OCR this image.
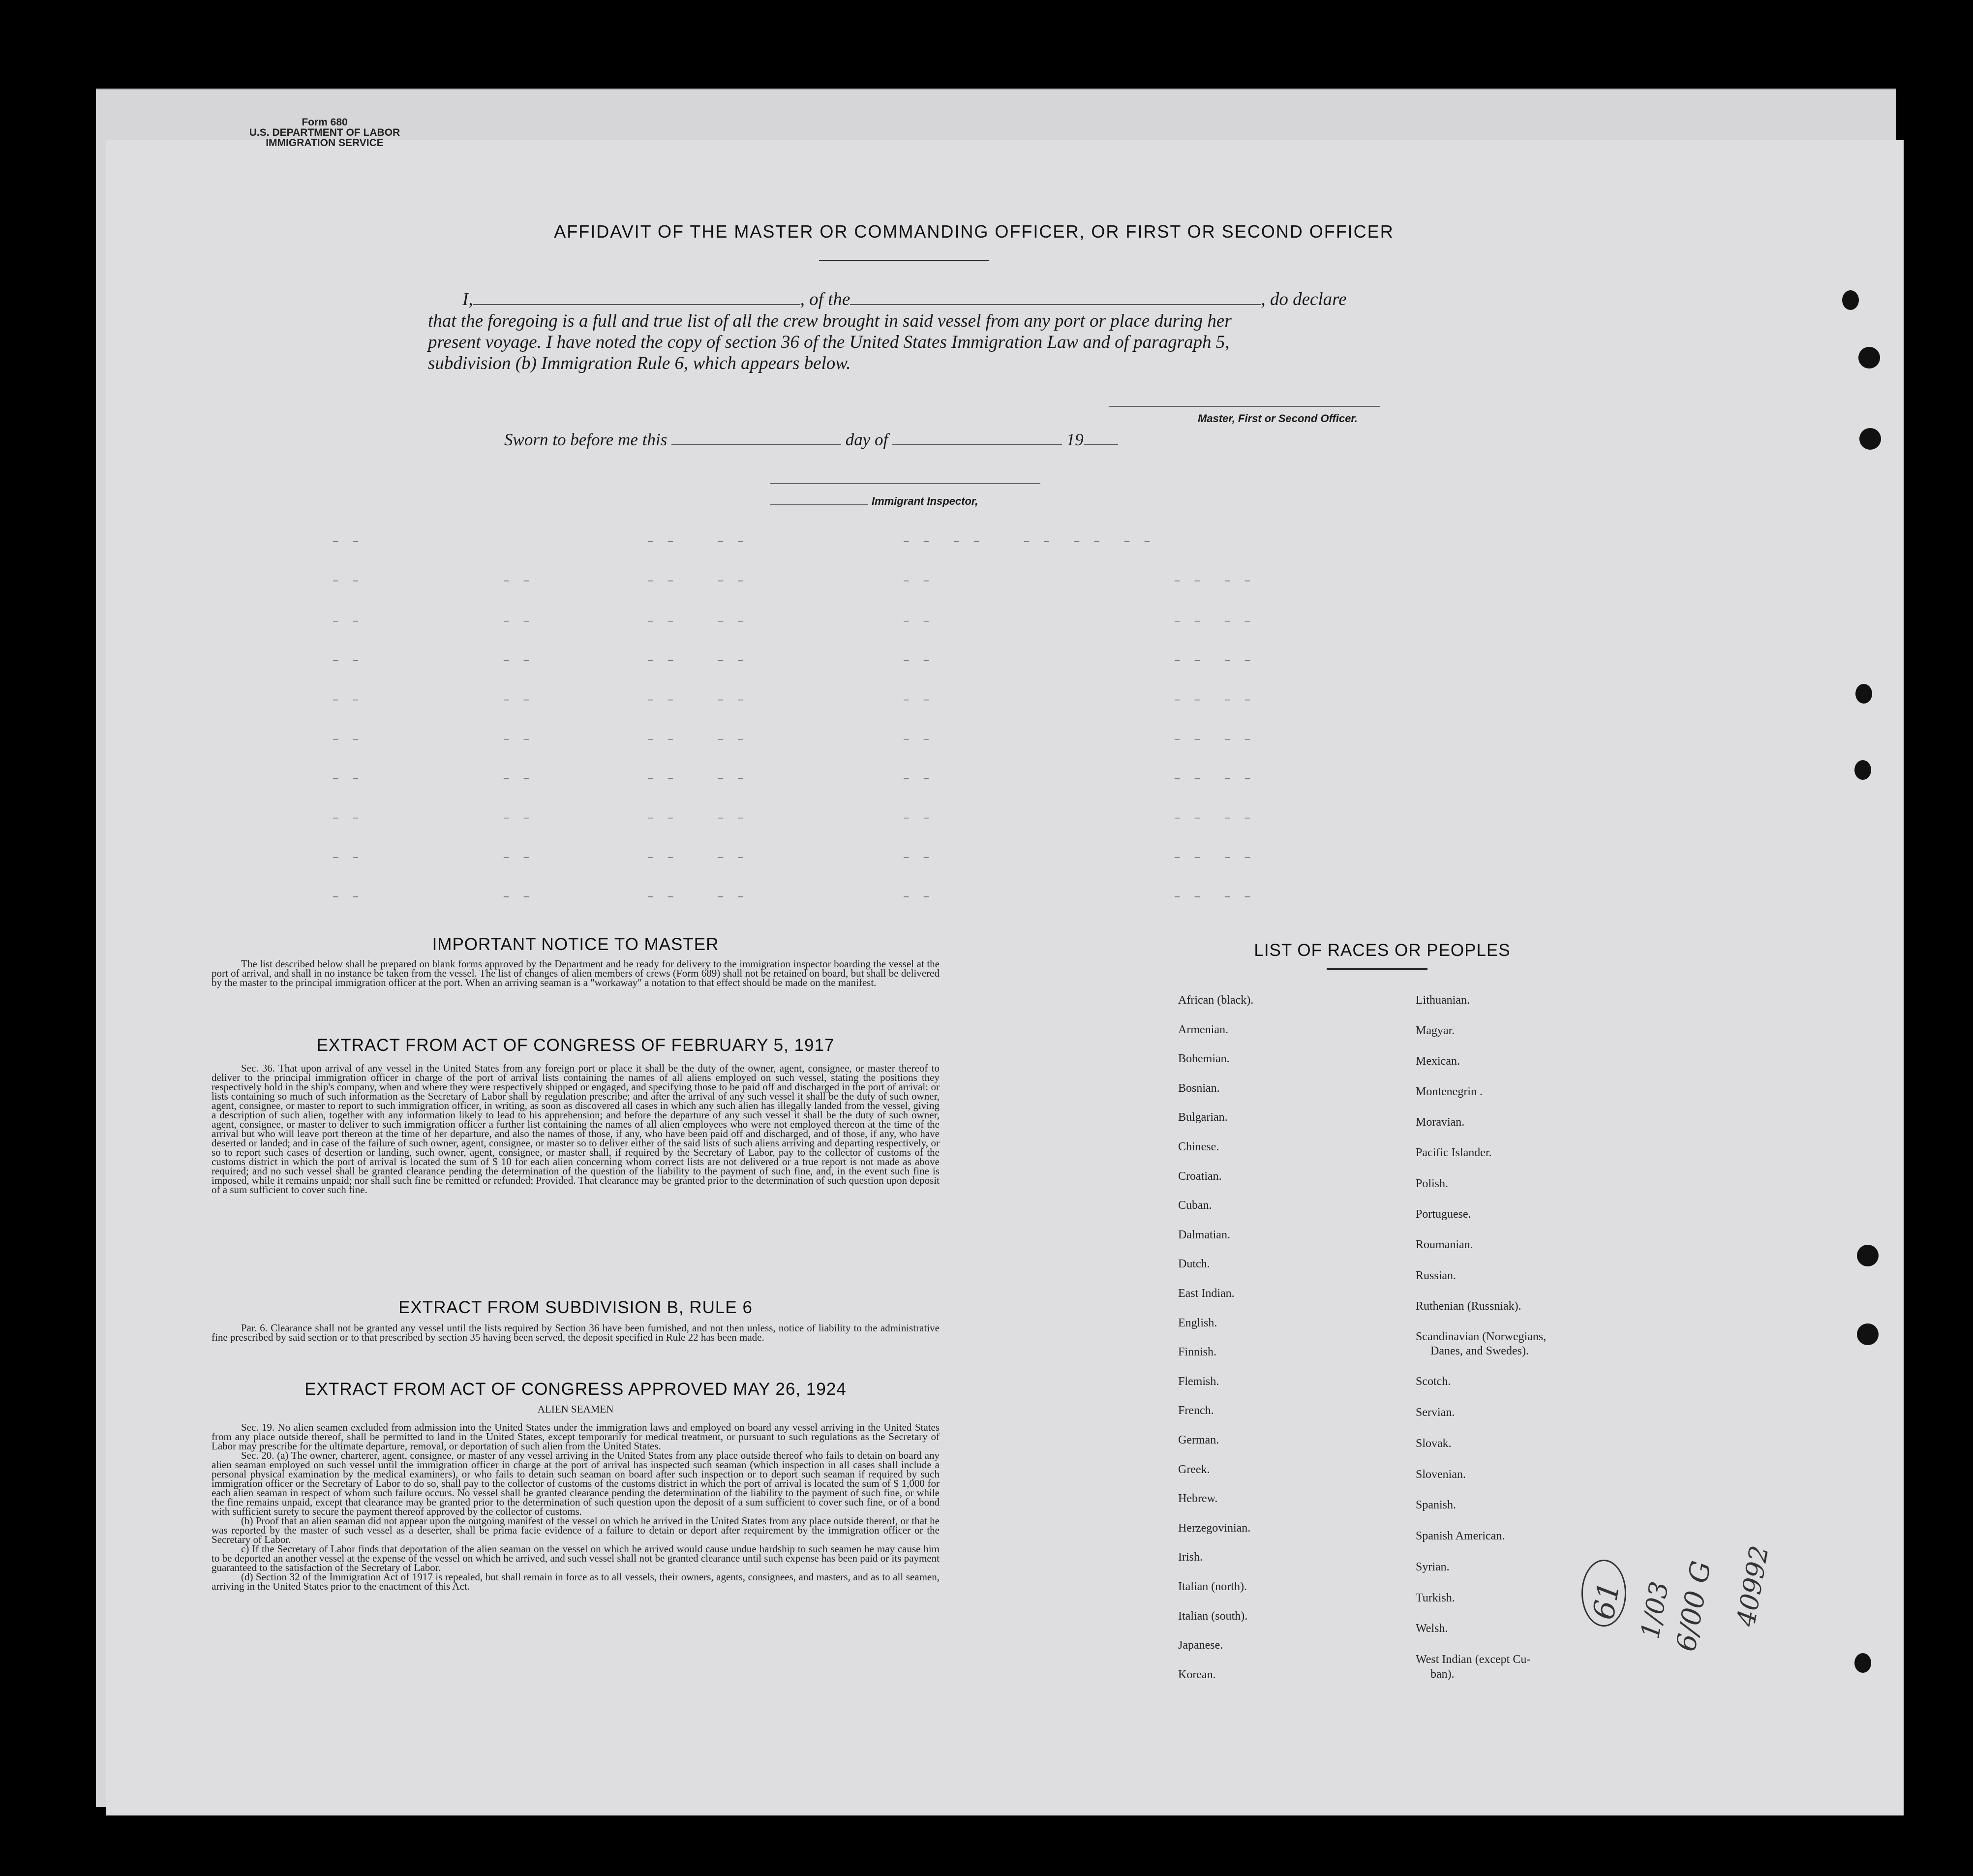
Form 680
U.S. DEPARTMENT OF LABOR
AFFIDAVIT OF THE MASTER OR COMMANDING OFFICER, OR FIRST OR SECOND OFFICER
I,	, of the	, do declare
that the foregoing is a full and true list of all the crew brought in said vessel from any port or place during her
present voyage. I have noted the copy of section 36 of the United States Immigration Law and of paragraph 5,
subdivision (b) Immigration Rule 6, which appears below.
Master, First or Second Officer.
Sworn to before me this	day of	19
Immigrant Inspector,
– –	– –    – –	– –  – –    – –  – –  – –
– –              – –	– –    – –	– –                        – –  – –
– –              – –	– –    – –	– –                        – –  – –
– –              – –	– –    – –	– –                        – –  – –
– –              – –	– –    – –	– –                        – –  – –
– –              – –	– –    – –	– –                        – –  – –
– –              – –	– –    – –	– –                        – –  – –
– –              – –	– –    – –	– –                        – –  – –
– –              – –	– –    – –	– –                        – –  – –
– –              – –	– –    – –	– –                        – –  – –
IMPORTANT NOTICE TO MASTER

The list described below shall be prepared on blank forms approved by the Department and be ready for delivery to the immigration inspector boarding the vessel at the port of arrival, and shall in no instance be taken from the vessel. The list of changes of alien members of crews (Form 689) shall not be retained on board, but shall be delivered by the master to the principal immigration officer at the port. When an arriving seaman is a "workaway" a notation to that effect should be made on the manifest.

EXTRACT FROM ACT OF CONGRESS OF FEBRUARY 5, 1917

Sec. 36. That upon arrival of any vessel in the United States from any foreign port or place it shall be the duty of the owner, agent, consignee, or master thereof to deliver to the principal immigration officer in charge of the port of arrival lists containing the names of all aliens employed on such vessel, stating the positions they respectively hold in the ship's company, when and where they were respectively shipped or engaged, and specifying those to be paid off and discharged in the port of arrival: or lists containing so much of such information as the Secretary of Labor shall by regulation prescribe; and after the arrival of any such vessel it shall be the duty of such owner, agent, consignee, or master to report to such immigration officer, in writing, as soon as discovered all cases in which any such alien has illegally landed from the vessel, giving a description of such alien, together with any information likely to lead to his apprehension; and before the departure of any such vessel it shall be the duty of such owner, agent, consignee, or master to deliver to such immigration officer a further list containing the names of all alien employees who were not employed thereon at the time of the arrival but who will leave port thereon at the time of her departure, and also the names of those, if any, who have been paid off and discharged, and of those, if any, who have deserted or landed; and in case of the failure of such owner, agent, consignee, or master so to deliver either of the said lists of such aliens arriving and departing respectively, or so to report such cases of desertion or landing, such owner, agent, consignee, or master shall, if required by the Secretary of Labor, pay to the collector of customs of the customs district in which the port of arrival is located the sum of $ 10 for each alien concerning whom correct lists are not delivered or a true report is not made as above required; and no such vessel shall be granted clearance pending the determination of the question of the liability to the payment of such fine, and, in the event such fine is imposed, while it remains unpaid; nor shall such fine be remitted or refunded; Provided. That clearance may be granted prior to the determination of such question upon deposit of a sum sufficient to cover such fine.

EXTRACT FROM SUBDIVISION B, RULE 6

Par. 6. Clearance shall not be granted any vessel until the lists required by Section 36 have been furnished, and not then unless, notice of liability to the administrative fine prescribed by said section or to that prescribed by section 35 having been served, the deposit specified in Rule 22 has been made.

EXTRACT FROM ACT OF CONGRESS APPROVED MAY 26, 1924
ALIEN SEAMEN

Sec. 19. No alien seamen excluded from admission into the United States under the immigration laws and employed on board any vessel arriving in the United States from any place outside thereof, shall be permitted to land in the United States, except temporarily for medical treatment, or pursuant to such regulations as the Secretary of Labor may prescribe for the ultimate departure, removal, or deportation of such alien from the United States.

Sec. 20. (a) The owner, charterer, agent, consignee, or master of any vessel arriving in the United States from any place outside thereof who fails to detain on board any alien seaman employed on such vessel until the immigration officer in charge at the port of arrival has inspected such seaman (which inspection in all cases shall include a personal physical examination by the medical examiners), or who fails to detain such seaman on board after such inspection or to deport such seaman if required by such immigration officer or the Secretary of Labor to do so, shall pay to the collector of customs of the customs district in which the port of arrival is located the sum of $ 1,000 for each alien seaman in respect of whom such failure occurs. No vessel shall be granted clearance pending the determination of the liability to the payment of such fine, or while the fine remains unpaid, except that clearance may be granted prior to the determination of such question upon the deposit of a sum sufficient to cover such fine, or of a bond with sufficient surety to secure the payment thereof approved by the collector of customs.

(b) Proof that an alien seaman did not appear upon the outgoing manifest of the vessel on which he arrived in the United States from any place outside thereof, or that he was reported by the master of such vessel as a deserter, shall be prima facie evidence of a failure to detain or deport after requirement by the immigration officer or the Secretary of Labor.

c) If the Secretary of Labor finds that deportation of the alien seaman on the vessel on which he arrived would cause undue hardship to such seamen he may cause him to be deported an another vessel at the expense of the vessel on which he arrived, and such vessel shall not be granted clearance until such expense has been paid or its payment guaranteed to the satisfaction of the Secretary of Labor.

(d) Section 32 of the Immigration Act of 1917 is repealed, but shall remain in force as to all vessels, their owners, agents, consignees, and masters, and as to all seamen, arriving in the United States prior to the enactment of this Act.

LIST OF RACES OR PEOPLES
African (black).
Armenian.
Bohemian.
Bosnian.
Bulgarian.
Chinese.
Croatian.
Cuban.
Dalmatian.
Dutch.
East Indian.
English.
Finnish.
Flemish.
French.
German.
Greek.
Hebrew.
Herzegovinian.
Irish.
Italian (north).
Italian (south).
Japanese.
Korean.
Lithuanian.
Magyar.
Mexican.
Montenegrin .
Moravian.
Pacific Islander.
Polish.
Portuguese.
Roumanian.
Russian.
Ruthenian (Russniak).
Scandinavian (Norwegians,
Danes, and Swedes).
Scotch.
Servian.
Slovak.
Slovenian.
Spanish.
Spanish American.
Syrian.
Turkish.
Welsh.
West Indian (except Cu-
ban).
61 1/03
6/00 G 40992
